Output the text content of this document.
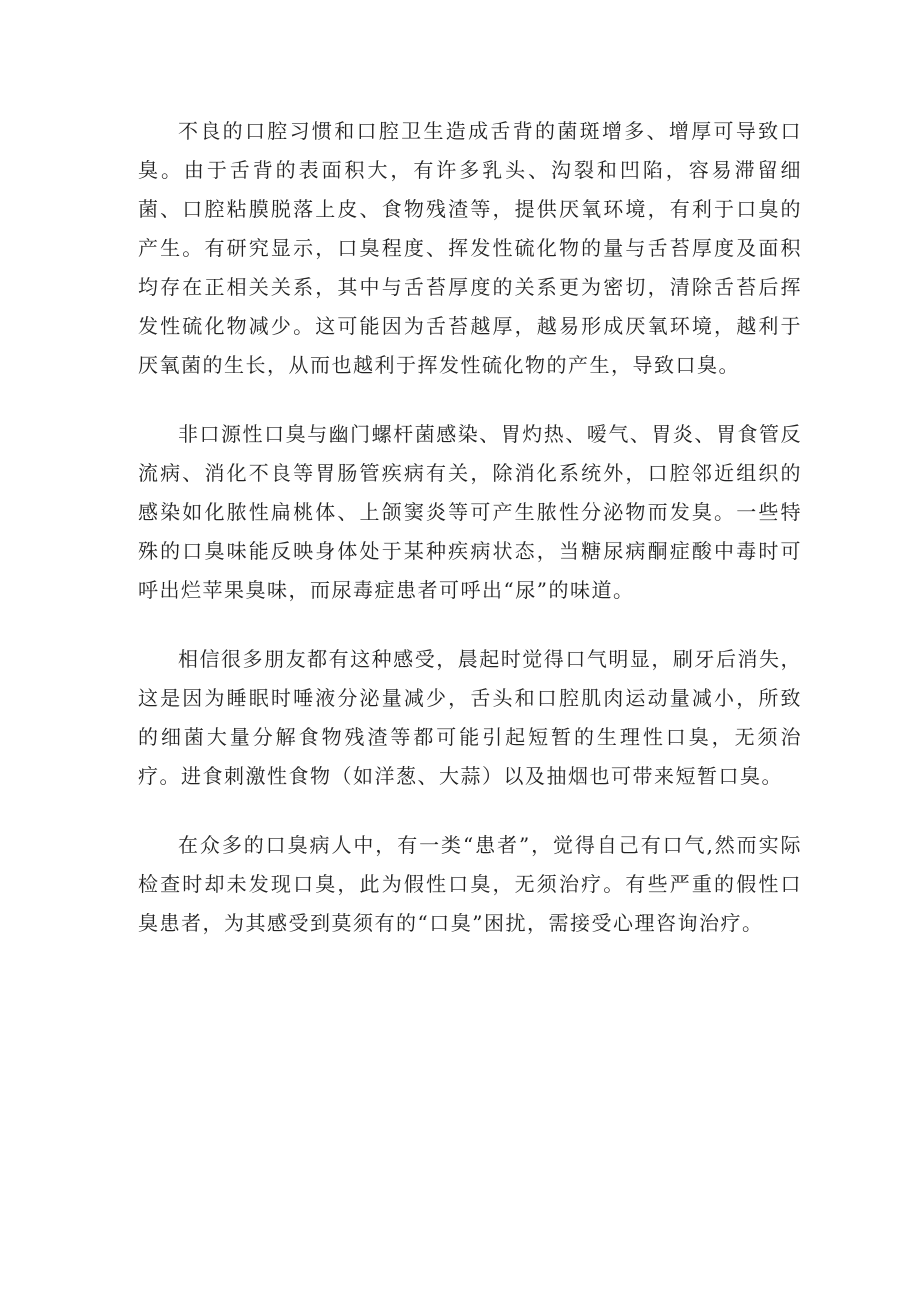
不良的口腔习惯和口腔卫生造成舌背的菌斑增多、增厚可导致口臭。由于舌背的表面积大，有许多乳头、沟裂和凹陷，容易滞留细菌、口腔粘膜脱落上皮、食物残渣等，提供厌氧环境，有利于口臭的产生。有研究显示，口臭程度、挥发性硫化物的量与舌苔厚度及面积均存在正相关关系，其中与舌苔厚度的关系更为密切，清除舌苔后挥发性硫化物减少。这可能因为舌苔越厚，越易形成厌氧环境，越利于厌氧菌的生长，从而也越利于挥发性硫化物的产生，导致口臭。

非口源性口臭与幽门螺杆菌感染、胃灼热、嗳气、胃炎、胃食管反流病、消化不良等胃肠管疾病有关，除消化系统外，口腔邻近组织的感染如化脓性扁桃体、上颌窦炎等可产生脓性分泌物而发臭。一些特殊的口臭味能反映身体处于某种疾病状态，当糖尿病酮症酸中毒时可呼出烂苹果臭味，而尿毒症患者可呼出“尿”的味道。

相信很多朋友都有这种感受，晨起时觉得口气明显，刷牙后消失，这是因为睡眠时唾液分泌量减少，舌头和口腔肌肉运动量减小，所致的细菌大量分解食物残渣等都可能引起短暂的生理性口臭，无须治疗。进食刺激性食物（如洋葱、大蒜）以及抽烟也可带来短暂口臭。

在众多的口臭病人中，有一类“患者”，觉得自己有口气,然而实际检查时却未发现口臭，此为假性口臭，无须治疗。有些严重的假性口臭患者，为其感受到莫须有的“口臭”困扰，需接受心理咨询治疗。
